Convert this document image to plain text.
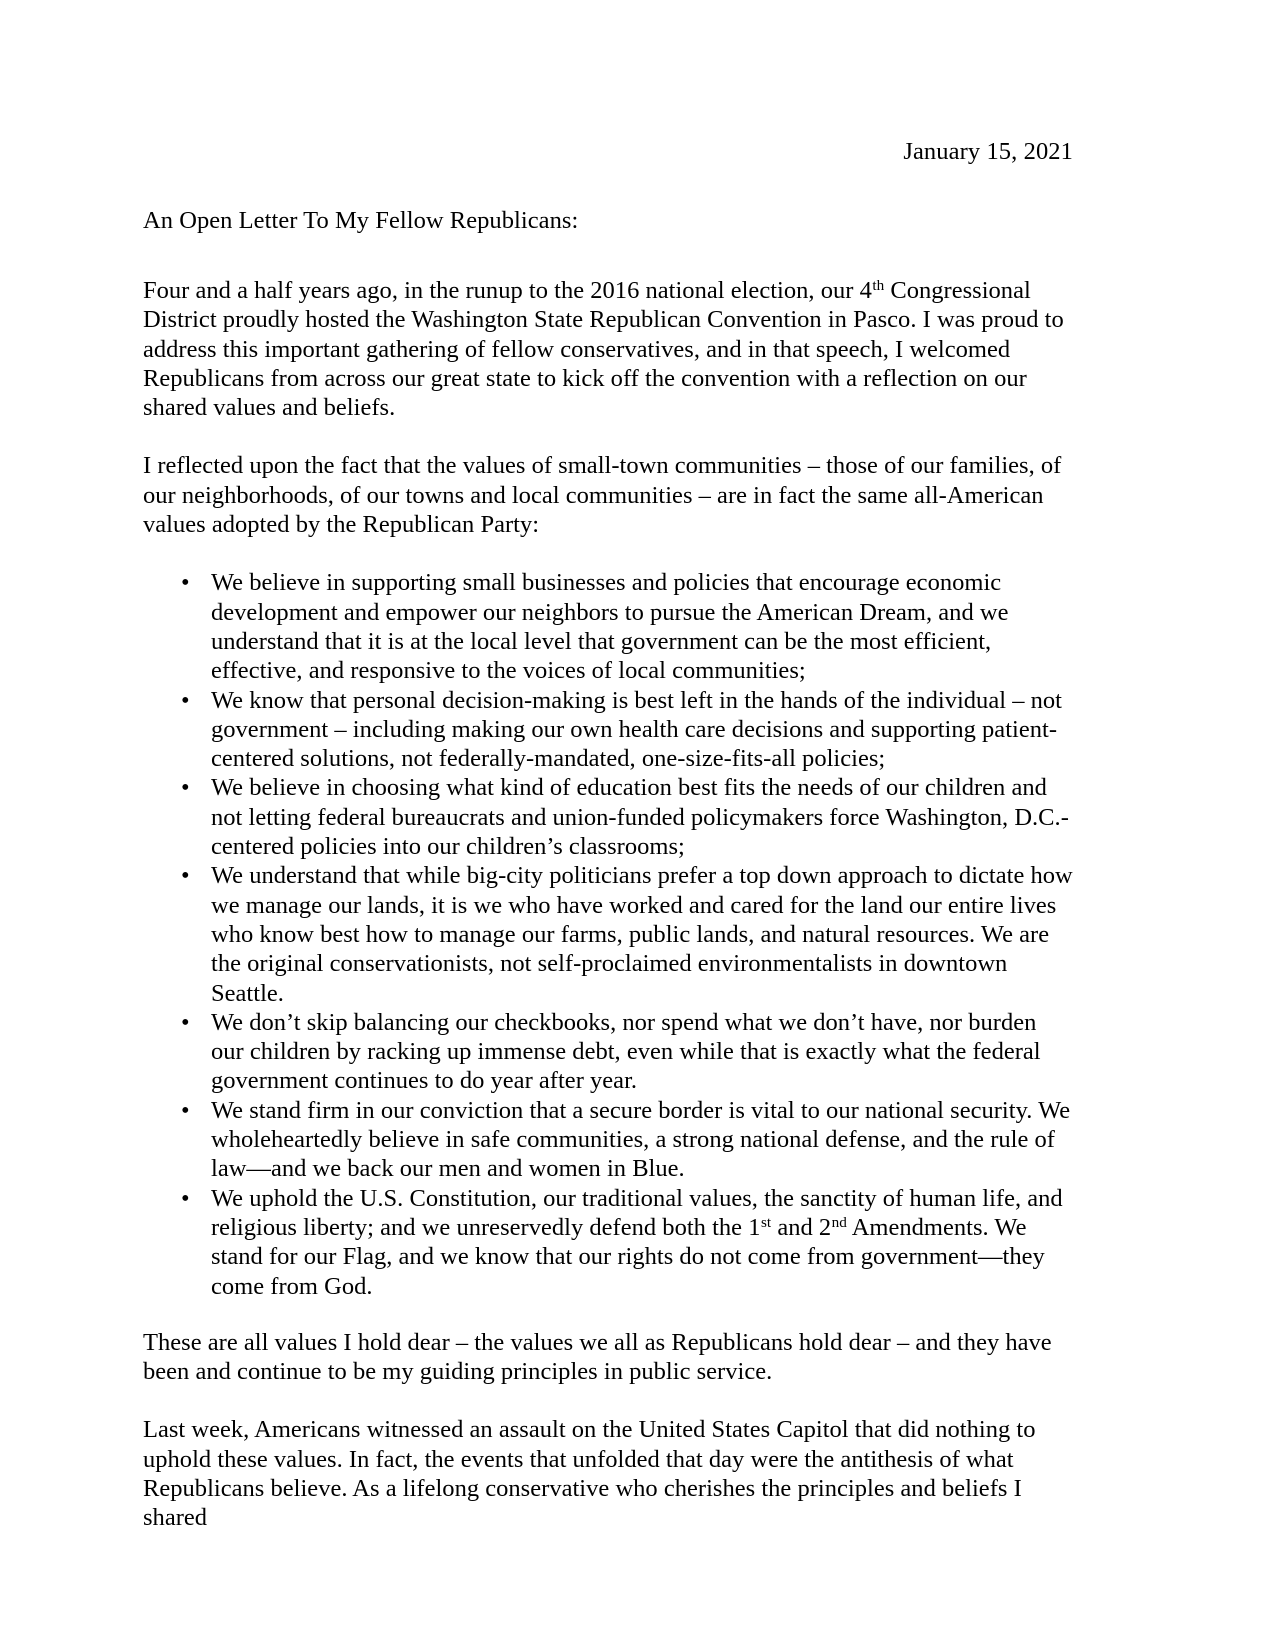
January 15, 2021
An Open Letter To My Fellow Republicans:

Four and a half years ago, in the runup to the 2016 national election, our 4th Congressional District proudly hosted the Washington State Republican Convention in Pasco. I was proud to address this important gathering of fellow conservatives, and in that speech, I welcomed Republicans from across our great state to kick off the convention with a reflection on our shared values and beliefs.

I reflected upon the fact that the values of small-town communities – those of our families, of our neighborhoods, of our towns and local communities – are in fact the same all-American values adopted by the Republican Party:

• We believe in supporting small businesses and policies that encourage economic development and empower our neighbors to pursue the American Dream, and we understand that it is at the local level that government can be the most efficient, effective, and responsive to the voices of local communities;
• We know that personal decision-making is best left in the hands of the individual – not government – including making our own health care decisions and supporting patient-centered solutions, not federally-mandated, one-size-fits-all policies;
• We believe in choosing what kind of education best fits the needs of our children and not letting federal bureaucrats and union-funded policymakers force Washington, D.C.-centered policies into our children’s classrooms;
• We understand that while big-city politicians prefer a top down approach to dictate how we manage our lands, it is we who have worked and cared for the land our entire lives who know best how to manage our farms, public lands, and natural resources. We are the original conservationists, not self-proclaimed environmentalists in downtown Seattle.
• We don’t skip balancing our checkbooks, nor spend what we don’t have, nor burden our children by racking up immense debt, even while that is exactly what the federal government continues to do year after year.
• We stand firm in our conviction that a secure border is vital to our national security. We wholeheartedly believe in safe communities, a strong national defense, and the rule of law—and we back our men and women in Blue.
• We uphold the U.S. Constitution, our traditional values, the sanctity of human life, and religious liberty; and we unreservedly defend both the 1st and 2nd Amendments. We stand for our Flag, and we know that our rights do not come from government—they come from God.

These are all values I hold dear – the values we all as Republicans hold dear – and they have been and continue to be my guiding principles in public service.

Last week, Americans witnessed an assault on the United States Capitol that did nothing to uphold these values. In fact, the events that unfolded that day were the antithesis of what Republicans believe. As a lifelong conservative who cherishes the principles and beliefs I shared
